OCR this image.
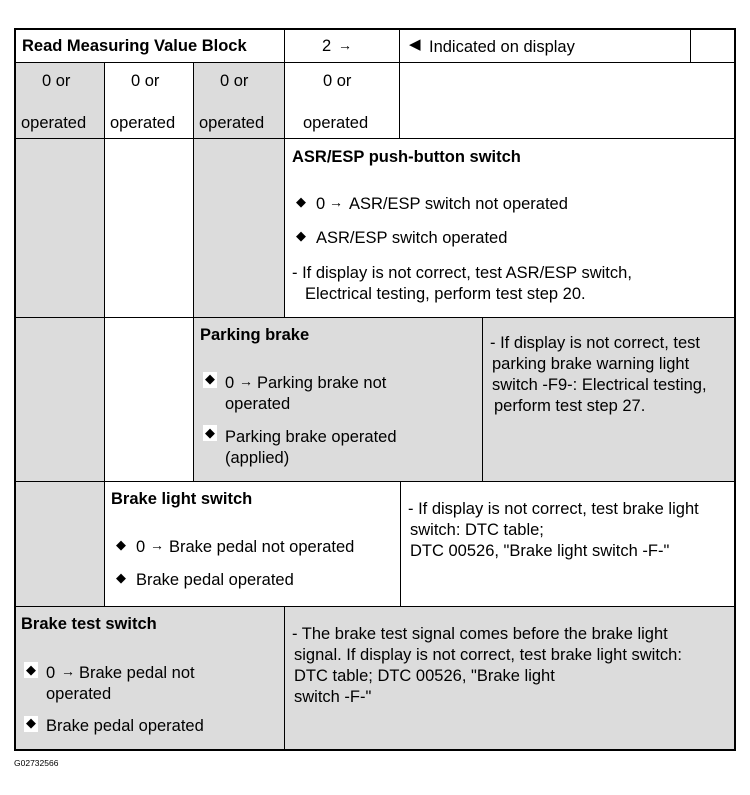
Read Measuring Value Block	2 →	◀ Indicated on display
0 or
operated
0 or
operated
0 or
operated
0 or
operated
ASR/ESP push-button switch
◆ 0 → ASR/ESP switch not operated
◆ ASR/ESP switch operated
- If display is not correct, test ASR/ESP switch,
Electrical testing, perform test step 20.
Parking brake
◆ 0 → Parking brake not
operated
◆ Parking brake operated
(applied)
- If display is not correct, test
parking brake warning light
switch -F9-: Electrical testing,
perform test step 27.
Brake light switch
◆ 0 → Brake pedal not operated
◆ Brake pedal operated
- If display is not correct, test brake light
switch: DTC table;
DTC 00526, "Brake light switch -F-"
Brake test switch
◆ 0 → Brake pedal not
operated
◆ Brake pedal operated
- The brake test signal comes before the brake light
signal. If display is not correct, test brake light switch:
DTC table; DTC 00526, "Brake light
switch -F-"
G02732566
